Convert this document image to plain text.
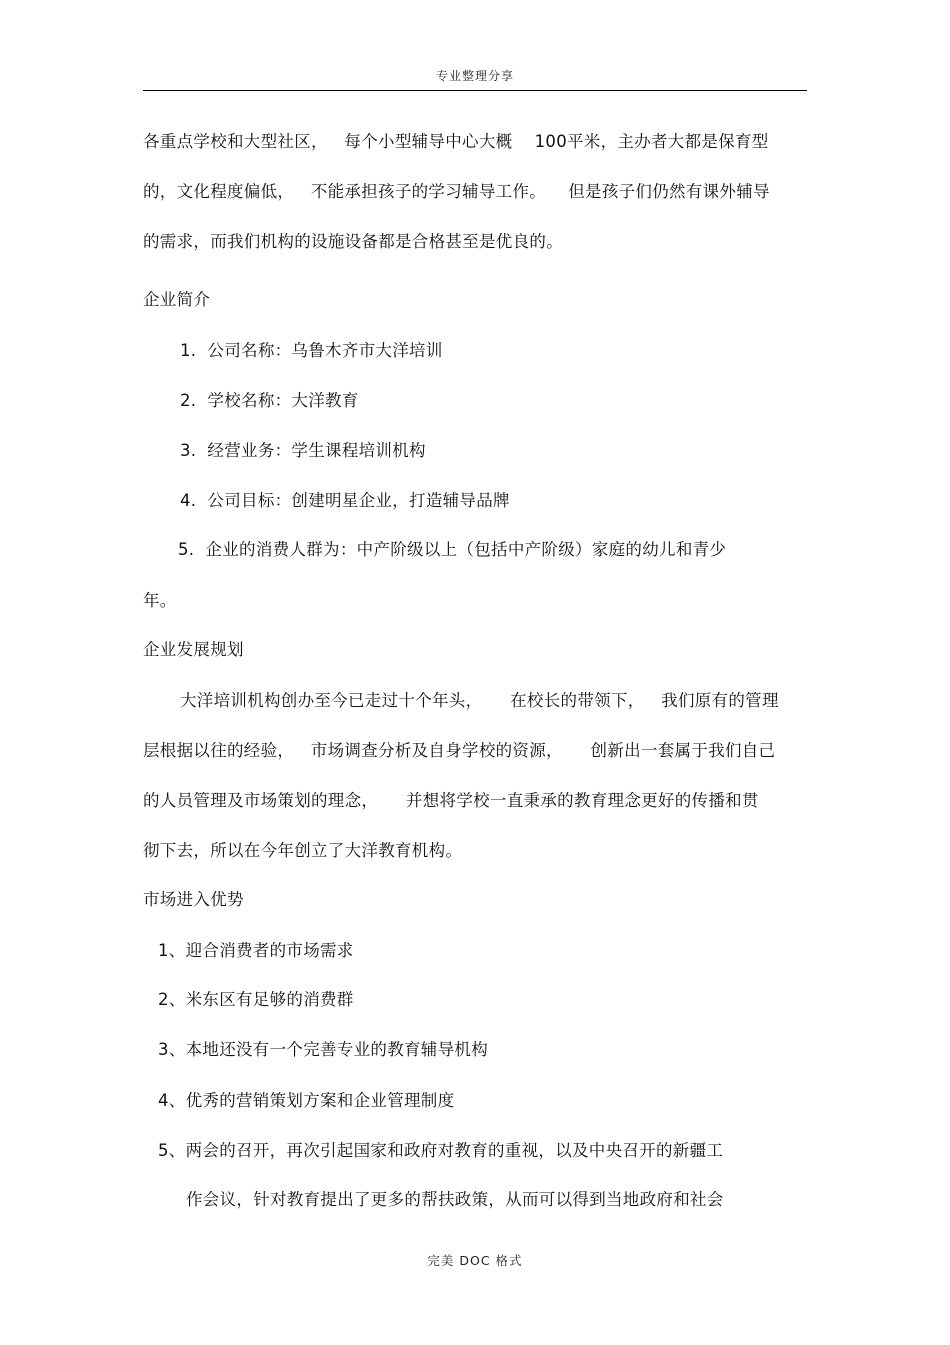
专业整理分享
各重点学校和大型社区，   每个小型辅导中心大概    100平米，主办者大都是保育型
的，文化程度偏低，   不能承担孩子的学习辅导工作。    但是孩子们仍然有课外辅导
的需求，而我们机构的设施设备都是合格甚至是优良的。
企业简介
1.  公司名称：乌鲁木齐市大洋培训
2.  学校名称：大洋教育
3.  经营业务：学生课程培训机构
4.  公司目标：创建明星企业，打造辅导品牌
5.  企业的消费人群为：中产阶级以上（包括中产阶级）家庭的幼儿和青少
年。
企业发展规划
大洋培训机构创办至今已走过十个年头，     在校长的带领下，   我们原有的管理
层根据以往的经验，   市场调查分析及自身学校的资源，     创新出一套属于我们自己
的人员管理及市场策划的理念，     并想将学校一直秉承的教育理念更好的传播和贯
彻下去，所以在今年创立了大洋教育机构。
市场进入优势
1、迎合消费者的市场需求
2、米东区有足够的消费群
3、本地还没有一个完善专业的教育辅导机构
4、优秀的营销策划方案和企业管理制度
5、两会的召开，再次引起国家和政府对教育的重视，以及中央召开的新疆工
作会议，针对教育提出了更多的帮扶政策，从而可以得到当地政府和社会
完美 DOC 格式
